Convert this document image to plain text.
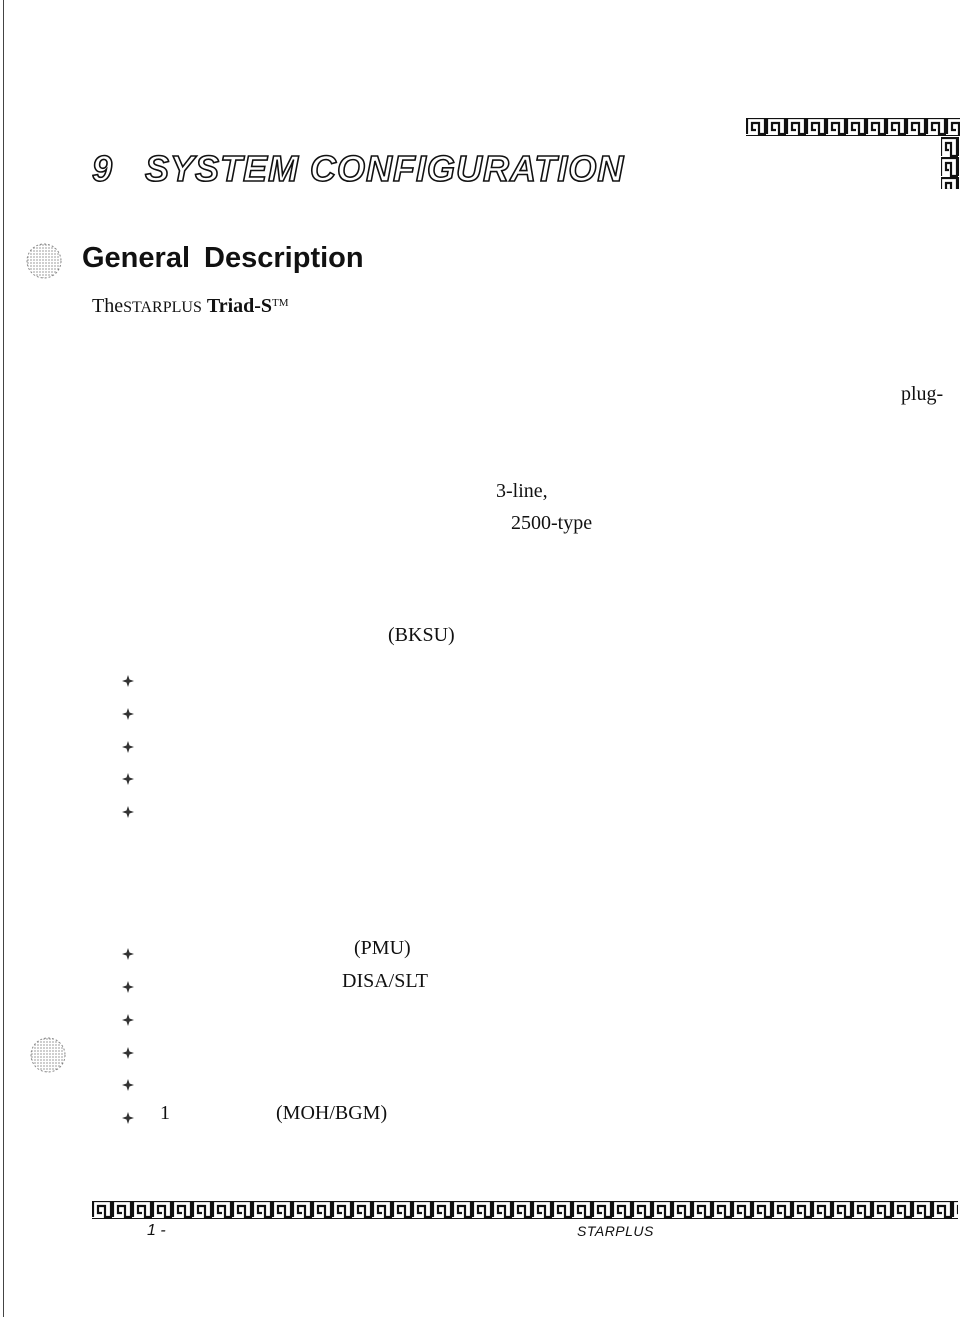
9 SYSTEM CONFIGURATION
General Description
TheSTARPLUS Triad-S™
plug-
3-line,
2500-type
(BKSU)
(PMU)
DISA/SLT
1	(MOH/BGM)
1 -	STARPLUS
